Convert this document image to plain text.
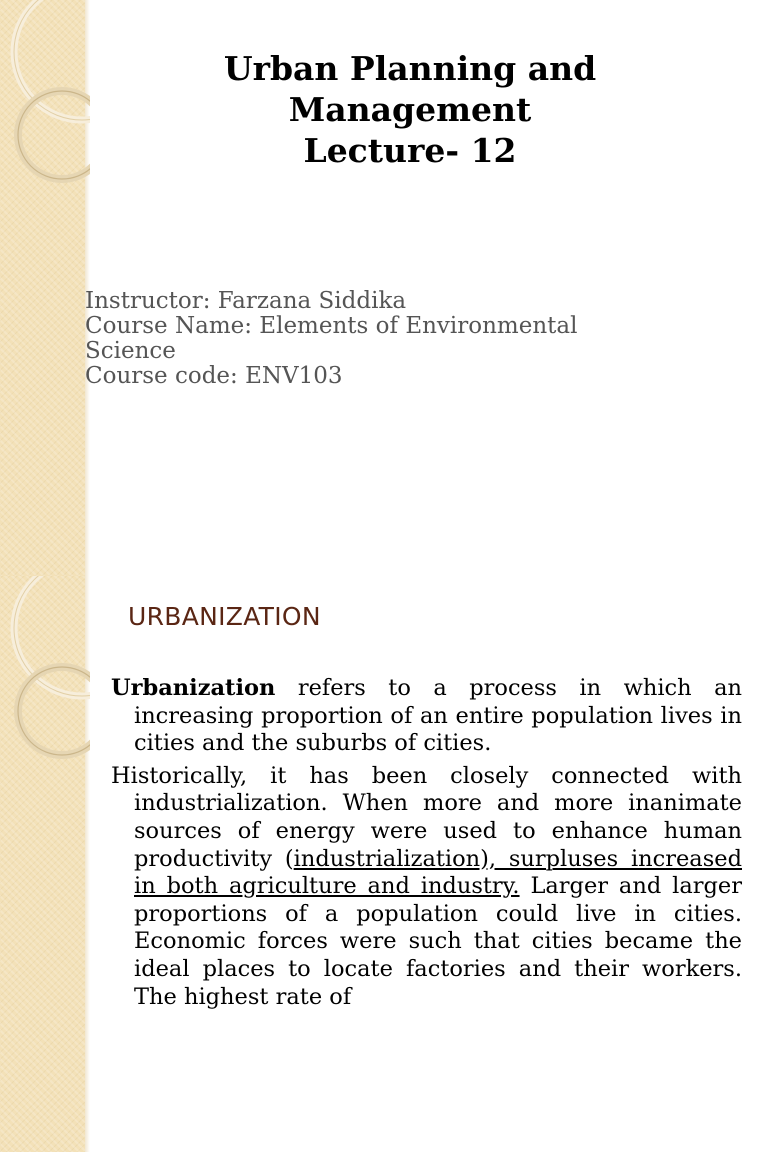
Urban Planning and
Management
Lecture- 12
Instructor: Farzana Siddika
Course Name: Elements of Environmental
Science
Course code: ENV103
URBANIZATION

Urbanization refers to a process in which an increasing proportion of an entire population lives in cities and the suburbs of cities.

Historically, it has been closely connected with industrialization. When more and more inanimate sources of energy were used to enhance human productivity (industrialization), surpluses increased in both agriculture and industry. Larger and larger proportions of a population could live in cities. Economic forces were such that cities became the ideal places to locate factories and their workers. The highest rate of
